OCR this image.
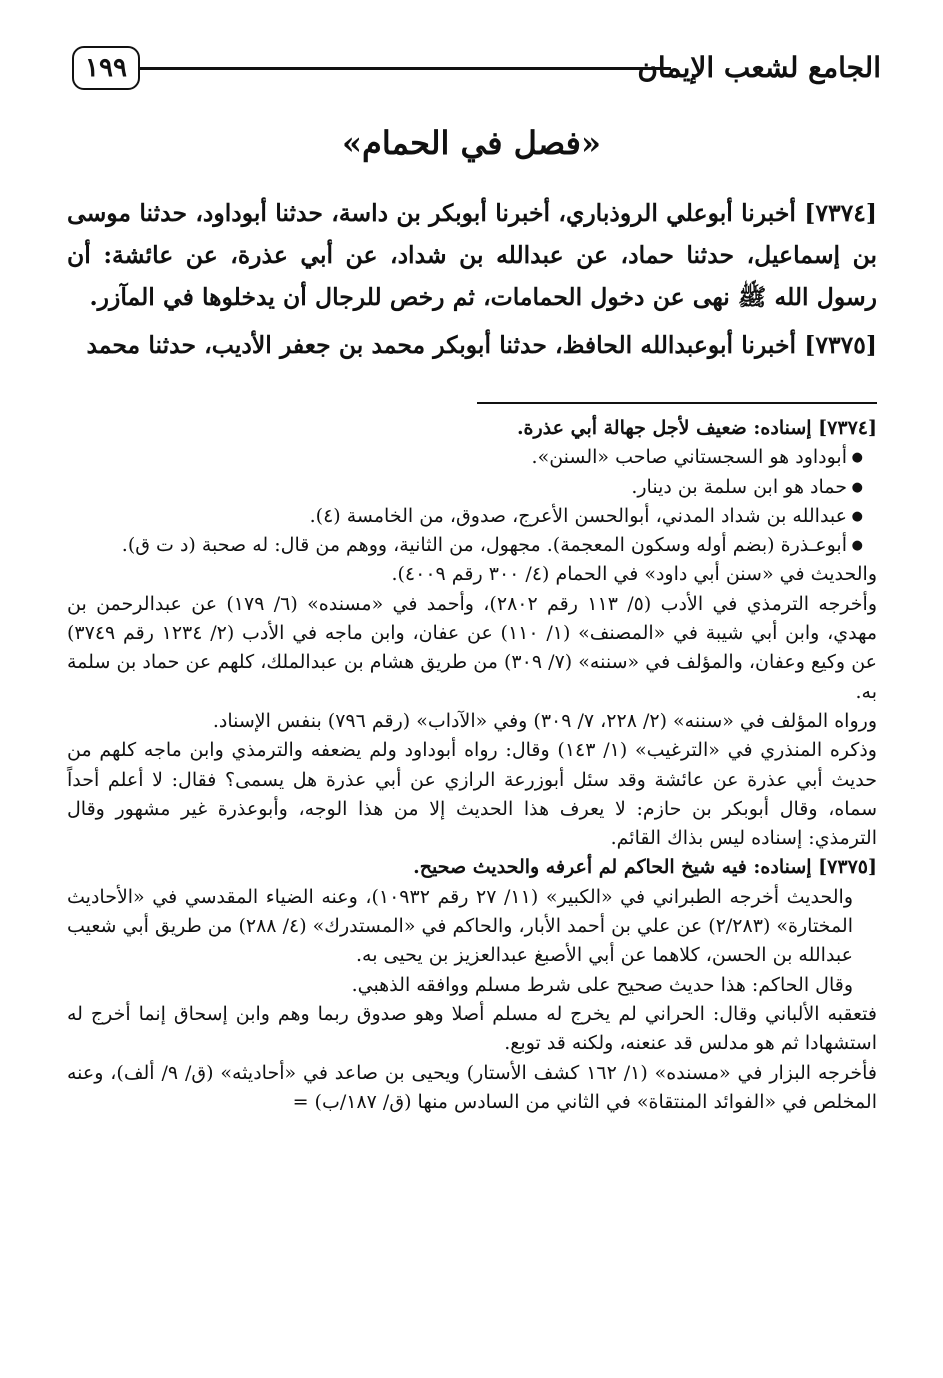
١٩٩	الجامع لشعب الإيمان
«فصل في الحمام»

[٧٣٧٤] أخبرنا أبوعلي الروذباري، أخبرنا أبوبكر بن داسة، حدثنا أبوداود، حدثنا موسى بن إسماعيل، حدثنا حماد، عن عبدالله بن شداد، عن أبي عذرة، عن عائشة: أن رسول الله ﷺ نهى عن دخول الحمامات، ثم رخص للرجال أن يدخلوها في المآزر.

[٧٣٧٥] أخبرنا أبوعبدالله الحافظ، حدثنا أبوبكر محمد بن جعفر الأديب، حدثنا محمد

[٧٣٧٤] إسناده: ضعيف لأجل جهالة أبي عذرة.

● أبوداود هو السجستاني صاحب «السنن».
● حماد هو ابن سلمة بن دينار.
● عبدالله بن شداد المدني، أبوالحسن الأعرج، صدوق، من الخامسة (٤).
● أبوعـذرة (بضم أوله وسكون المعجمة). مجهول، من الثانية، ووهم من قال: له صحبة (د ت ق).

والحديث في «سنن أبي داود» في الحمام (٤/ ٣٠٠ رقم ٤٠٠٩).

وأخرجه الترمذي في الأدب (٥/ ١١٣ رقم ٢٨٠٢)، وأحمد في «مسنده» (٦/ ١٧٩) عن عبدالرحمن بن مهدي، وابن أبي شيبة في «المصنف» (١/ ١١٠) عن عفان، وابن ماجه في الأدب (٢/ ١٢٣٤ رقم ٣٧٤٩) عن وكيع وعفان، والمؤلف في «سننه» (٧/ ٣٠٩) من طريق هشام بن عبدالملك، كلهم عن حماد بن سلمة به.

ورواه المؤلف في «سننه» (٢/ ٢٢٨، ٧/ ٣٠٩) وفي «الآداب» (رقم ٧٩٦) بنفس الإسناد.

وذكره المنذري في «الترغيب» (١/ ١٤٣) وقال: رواه أبوداود ولم يضعفه والترمذي وابن ماجه كلهم من حديث أبي عذرة عن عائشة وقد سئل أبوزرعة الرازي عن أبي عذرة هل يسمى؟ فقال: لا أعلم أحداً سماه، وقال أبوبكر بن حازم: لا يعرف هذا الحديث إلا من هذا الوجه، وأبوعذرة غير مشهور وقال الترمذي: إسناده ليس بذاك القائم.

[٧٣٧٥] إسناده: فيه شيخ الحاكم لم أعرفه والحديث صحيح.

والحديث أخرجه الطبراني في «الكبير» (١١/ ٢٧ رقم ١٠٩٣٢)، وعنه الضياء المقدسي في «الأحاديث المختارة» (٢/٢٨٣) عن علي بن أحمد الأبار، والحاكم في «المستدرك» (٤/ ٢٨٨) من طريق أبي شعيب عبدالله بن الحسن، كلاهما عن أبي الأصبغ عبدالعزيز بن يحيى به.

وقال الحاكم: هذا حديث صحيح على شرط مسلم ووافقه الذهبي.

فتعقبه الألباني وقال: الحراني لم يخرج له مسلم أصلا وهو صدوق ربما وهم وابن إسحاق إنما أخرج له استشهادا ثم هو مدلس قد عنعنه، ولكنه قد توبع.

فأخرجه البزار في «مسنده» (١/ ١٦٢ كشف الأستار) ويحيى بن صاعد في «أحاديثه» (ق/ ٩/ ألف)، وعنه المخلص في «الفوائد المنتقاة» في الثاني من السادس منها (ق/ ١٨٧/ب) =
